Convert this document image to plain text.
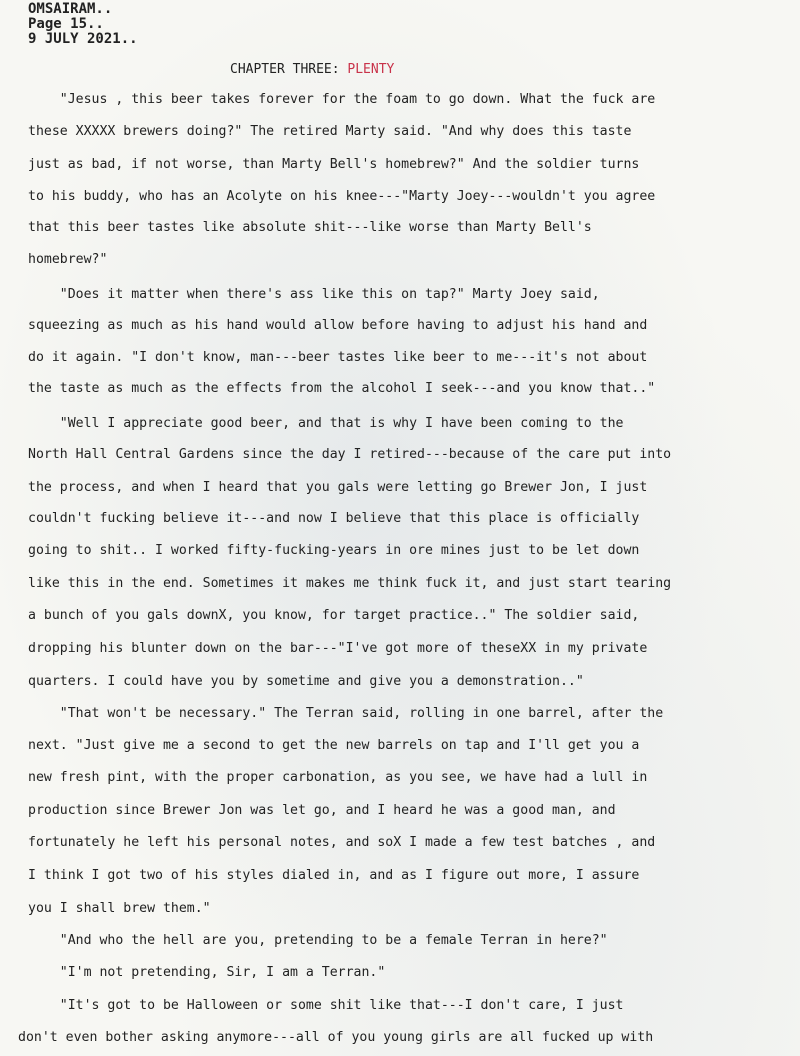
OMSAIRAM..
Page 15..
9 JULY 2021..
CHAPTER THREE: PLENTY
"Jesus , this beer takes forever for the foam to go down. What the fuck are
these XXXXX brewers doing?" The retired Marty said. "And why does this taste
just as bad, if not worse, than Marty Bell's homebrew?" And the soldier turns
to his buddy, who has an Acolyte on his knee---"Marty Joey---wouldn't you agree
that this beer tastes like absolute shit---like worse than Marty Bell's
homebrew?"
"Does it matter when there's ass like this on tap?" Marty Joey said,
squeezing as much as his hand would allow before having to adjust his hand and
do it again. "I don't know, man---beer tastes like beer to me---it's not about
the taste as much as the effects from the alcohol I seek---and you know that.."
"Well I appreciate good beer, and that is why I have been coming to the
North Hall Central Gardens since the day I retired---because of the care put into
the process, and when I heard that you gals were letting go Brewer Jon, I just
couldn't fucking believe it---and now I believe that this place is officially
going to shit.. I worked fifty-fucking-years in ore mines just to be let down
like this in the end. Sometimes it makes me think fuck it, and just start tearing
a bunch of you gals downX, you know, for target practice.." The soldier said,
dropping his blunter down on the bar---"I've got more of theseXX in my private
quarters. I could have you by sometime and give you a demonstration.."
"That won't be necessary." The Terran said, rolling in one barrel, after the
next. "Just give me a second to get the new barrels on tap and I'll get you a
new fresh pint, with the proper carbonation, as you see, we have had a lull in
production since Brewer Jon was let go, and I heard he was a good man, and
fortunately he left his personal notes, and soX I made a few test batches , and
I think I got two of his styles dialed in, and as I figure out more, I assure
you I shall brew them."
"And who the hell are you, pretending to be a female Terran in here?"
"I'm not pretending, Sir, I am a Terran."
"It's got to be Halloween or some shit like that---I don't care, I just
don't even bother asking anymore---all of you young girls are all fucked up with
